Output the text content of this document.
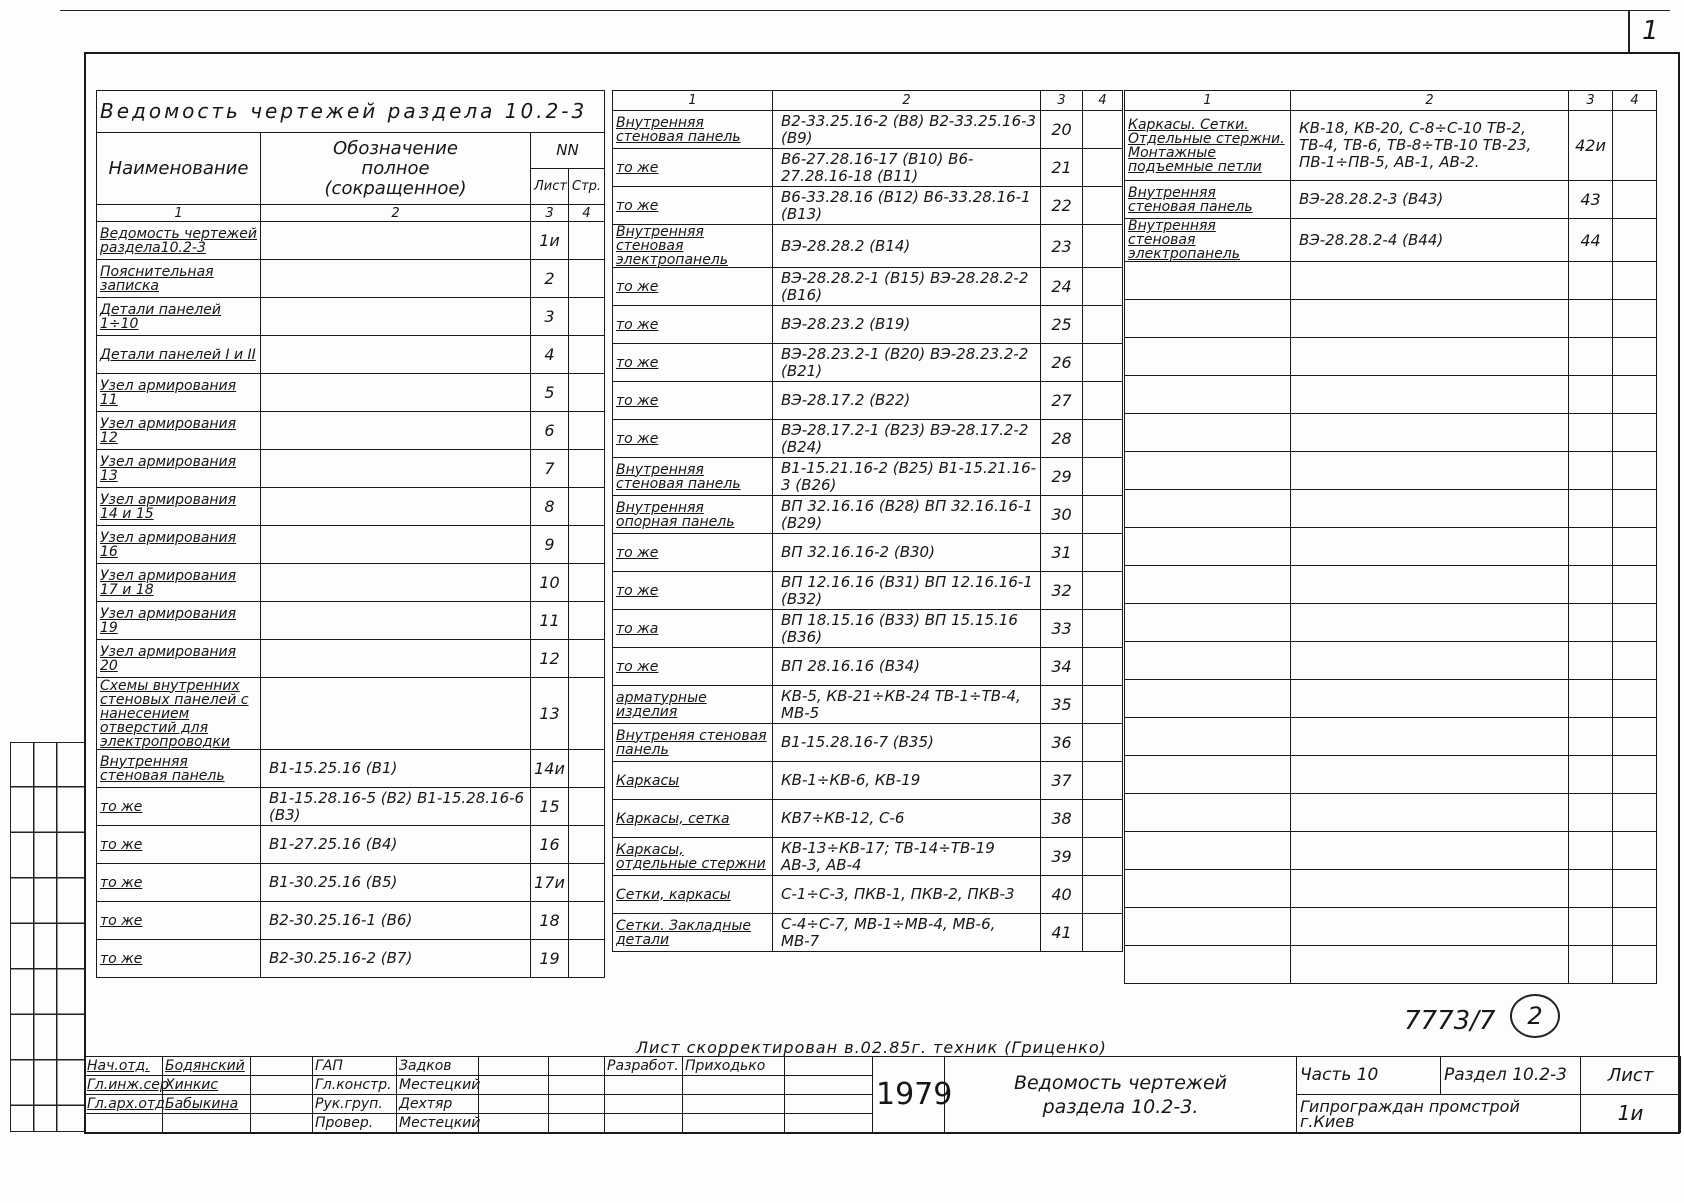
1
Ведомость чертежей раздела 10.2-3			
Наименование	Обозначение полное (сокращенное)	NN	
		Лист	Стр.
1	2	3	4
Ведомость чертежей раздела10.2-3		1и	
Пояснительная записка		2	
Детали панелей 1÷10		3	
Детали панелей I и II		4	
Узел армирования 11		5	
Узел армирования 12		6	
Узел армирования 13		7	
Узел армирования 14 и 15		8	
Узел армирования 16		9	
Узел армирования 17 и 18		10	
Узел армирования 19		11	
Узел армирования 20		12	
Схемы внутренних стеновых панелей с нанесением отверстий для электропроводки		13	
Внутренняя стеновая панель	В1-15.25.16 (В1)	14и	
то же	В1-15.28.16-5 (В2) В1-15.28.16-6 (В3)	15	
то же	В1-27.25.16 (В4)	16	
то же	В1-30.25.16 (В5)	17и	
то же	В2-30.25.16-1 (В6)	18	
то же	В2-30.25.16-2 (В7)	19	
1	2	3	4
Внутренняя стеновая панель	В2-33.25.16-2 (В8) В2-33.25.16-3 (В9)	20	
то же	В6-27.28.16-17 (В10) В6-27.28.16-18 (В11)	21	
то же	В6-33.28.16 (В12) В6-33.28.16-1 (В13)	22	
Внутренняя стеновая электропанель	ВЭ-28.28.2 (В14)	23	
то же	ВЭ-28.28.2-1 (В15) ВЭ-28.28.2-2 (В16)	24	
то же	ВЭ-28.23.2 (В19)	25	
то же	ВЭ-28.23.2-1 (В20) ВЭ-28.23.2-2 (В21)	26	
то же	ВЭ-28.17.2 (В22)	27	
то же	ВЭ-28.17.2-1 (В23) ВЭ-28.17.2-2 (В24)	28	
Внутренняя стеновая панель	В1-15.21.16-2 (В25) В1-15.21.16-3 (В26)	29	
Внутренняя опорная панель	ВП 32.16.16 (В28) ВП 32.16.16-1 (В29)	30	
то же	ВП 32.16.16-2 (В30)	31	
то же	ВП 12.16.16 (В31) ВП 12.16.16-1 (В32)	32	
то жа	ВП 18.15.16 (В33) ВП 15.15.16 (В36)	33	
то же	ВП 28.16.16 (В34)	34	
арматурные изделия	КВ-5, КВ-21÷КВ-24 ТВ-1÷ТВ-4, МВ-5	35	
Внутреняя стеновая панель	В1-15.28.16-7 (В35)	36	
Каркасы	КВ-1÷КВ-6, КВ-19	37	
Каркасы, сетка	КВ7÷КВ-12, С-6	38	
Каркасы, отдельные стержни	КВ-13÷КВ-17; ТВ-14÷ТВ-19 АВ-3, АВ-4	39	
Сетки, каркасы	С-1÷С-3, ПКВ-1, ПКВ-2, ПКВ-3	40	
Сетки. Закладные детали	С-4÷С-7, МВ-1÷МВ-4, МВ-6, МВ-7	41	
1	2	3	4
Каркасы. Сетки. Отдельные стержни. Монтажные подъемные петли	КВ-18, КВ-20, С-8÷С-10 ТВ-2, ТВ-4, ТВ-6, ТВ-8÷ТВ-10 ТВ-23, ПВ-1÷ПВ-5, АВ-1, АВ-2.	42и	
Внутренняя стеновая панель	ВЭ-28.28.2-3 (В43)	43	
Внутренняя стеновая электропанель	ВЭ-28.28.2-4 (В44)	44	

7773/7	2
Лист скорректирован в.02.85г. техник (Гриценко)
Нач.отд.	Бодянский		ГАП	Задков		
Гл.инж.сер	Хинкис		Гл.констр.	Местецкий		
Гл.арх.отд	Бабыкина		Рук.груп.	Дехтяр		
			Провер.	Местецкий		
Разработ.	Приходько	

1979	Ведомость чертежей раздела 10.2-3.	Часть 10	Раздел 10.2-3	Лист
		Гипрограждан промстрой г.Киев		1и
